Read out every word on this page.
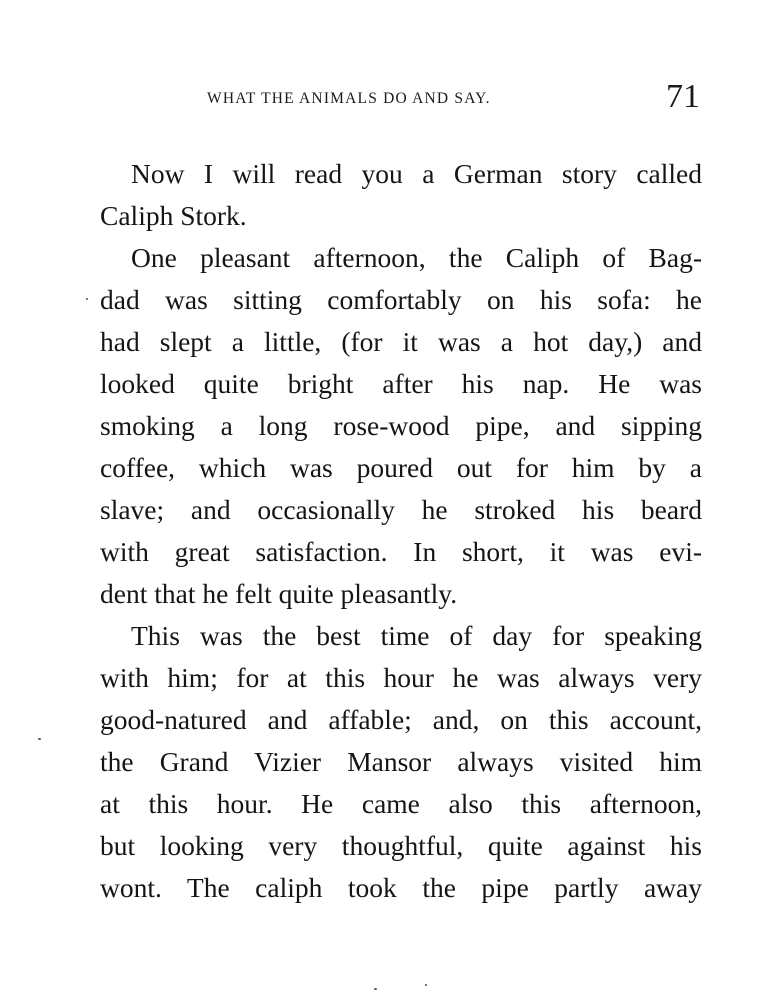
WHAT THE ANIMALS DO AND SAY.	71
Now I will read you a German story called
Caliph Stork.
One pleasant afternoon, the Caliph of Bag-
dad was sitting comfortably on his sofa: he
had slept a little, (for it was a hot day,) and
looked quite bright after his nap. He was
smoking a long rose-wood pipe, and sipping
coffee, which was poured out for him by a
slave; and occasionally he stroked his beard
with great satisfaction. In short, it was evi-
dent that he felt quite pleasantly.
This was the best time of day for speaking
with him; for at this hour he was always very
good-natured and affable; and, on this account,
the Grand Vizier Mansor always visited him
at this hour. He came also this afternoon,
but looking very thoughtful, quite against his
wont. The caliph took the pipe partly away
